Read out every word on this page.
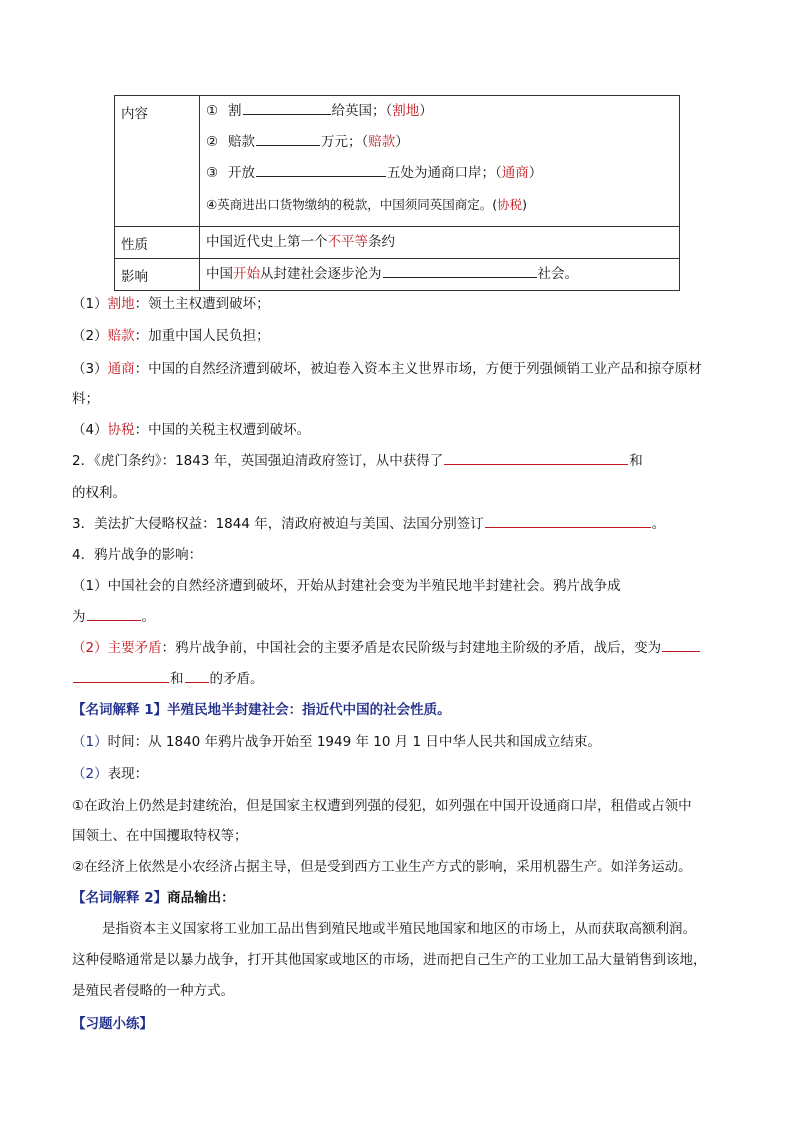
内容	① 割 给英国；（割地）
② 赔款 万元；（赔款）
③ 开放 五处为通商口岸；（通商）
④英商进出口货物缴纳的税款，中国须同英国商定。(协税)

性质	中国近代史上第一个不平等条约

影响	中国开始从封建社会逐步沦为 社会。
（1）割地：领土主权遭到破坏；
（2）赔款：加重中国人民负担；
（3）通商：中国的自然经济遭到破坏，被迫卷入资本主义世界市场，方便于列强倾销工业产品和掠夺原材
料；
（4）协税：中国的关税主权遭到破坏。
2．《虎门条约》：1843 年，英国强迫清政府签订，从中获得了	和
的权利。
3．美法扩大侵略权益：1844 年，清政府被迫与美国、法国分别签订	。
4．鸦片战争的影响：
（1）中国社会的自然经济遭到破坏，开始从封建社会变为半殖民地半封建社会。鸦片战争成
为	。
（2）主要矛盾：鸦片战争前，中国社会的主要矛盾是农民阶级与封建地主阶级的矛盾，战后，变为
和 的矛盾。
【名词解释 1】半殖民地半封建社会：指近代中国的社会性质。
（1）时间：从 1840 年鸦片战争开始至 1949 年 10 月 1 日中华人民共和国成立结束。
（2）表现：
①在政治上仍然是封建统治，但是国家主权遭到列强的侵犯，如列强在中国开设通商口岸，租借或占领中
国领土、在中国攫取特权等；
②在经济上依然是小农经济占据主导，但是受到西方工业生产方式的影响，采用机器生产。如洋务运动。
【名词解释 2】商品输出：
是指资本主义国家将工业加工品出售到殖民地或半殖民地国家和地区的市场上，从而获取高额利润。
这种侵略通常是以暴力战争，打开其他国家或地区的市场，进而把自己生产的工业加工品大量销售到该地，
是殖民者侵略的一种方式。
【习题小练】
